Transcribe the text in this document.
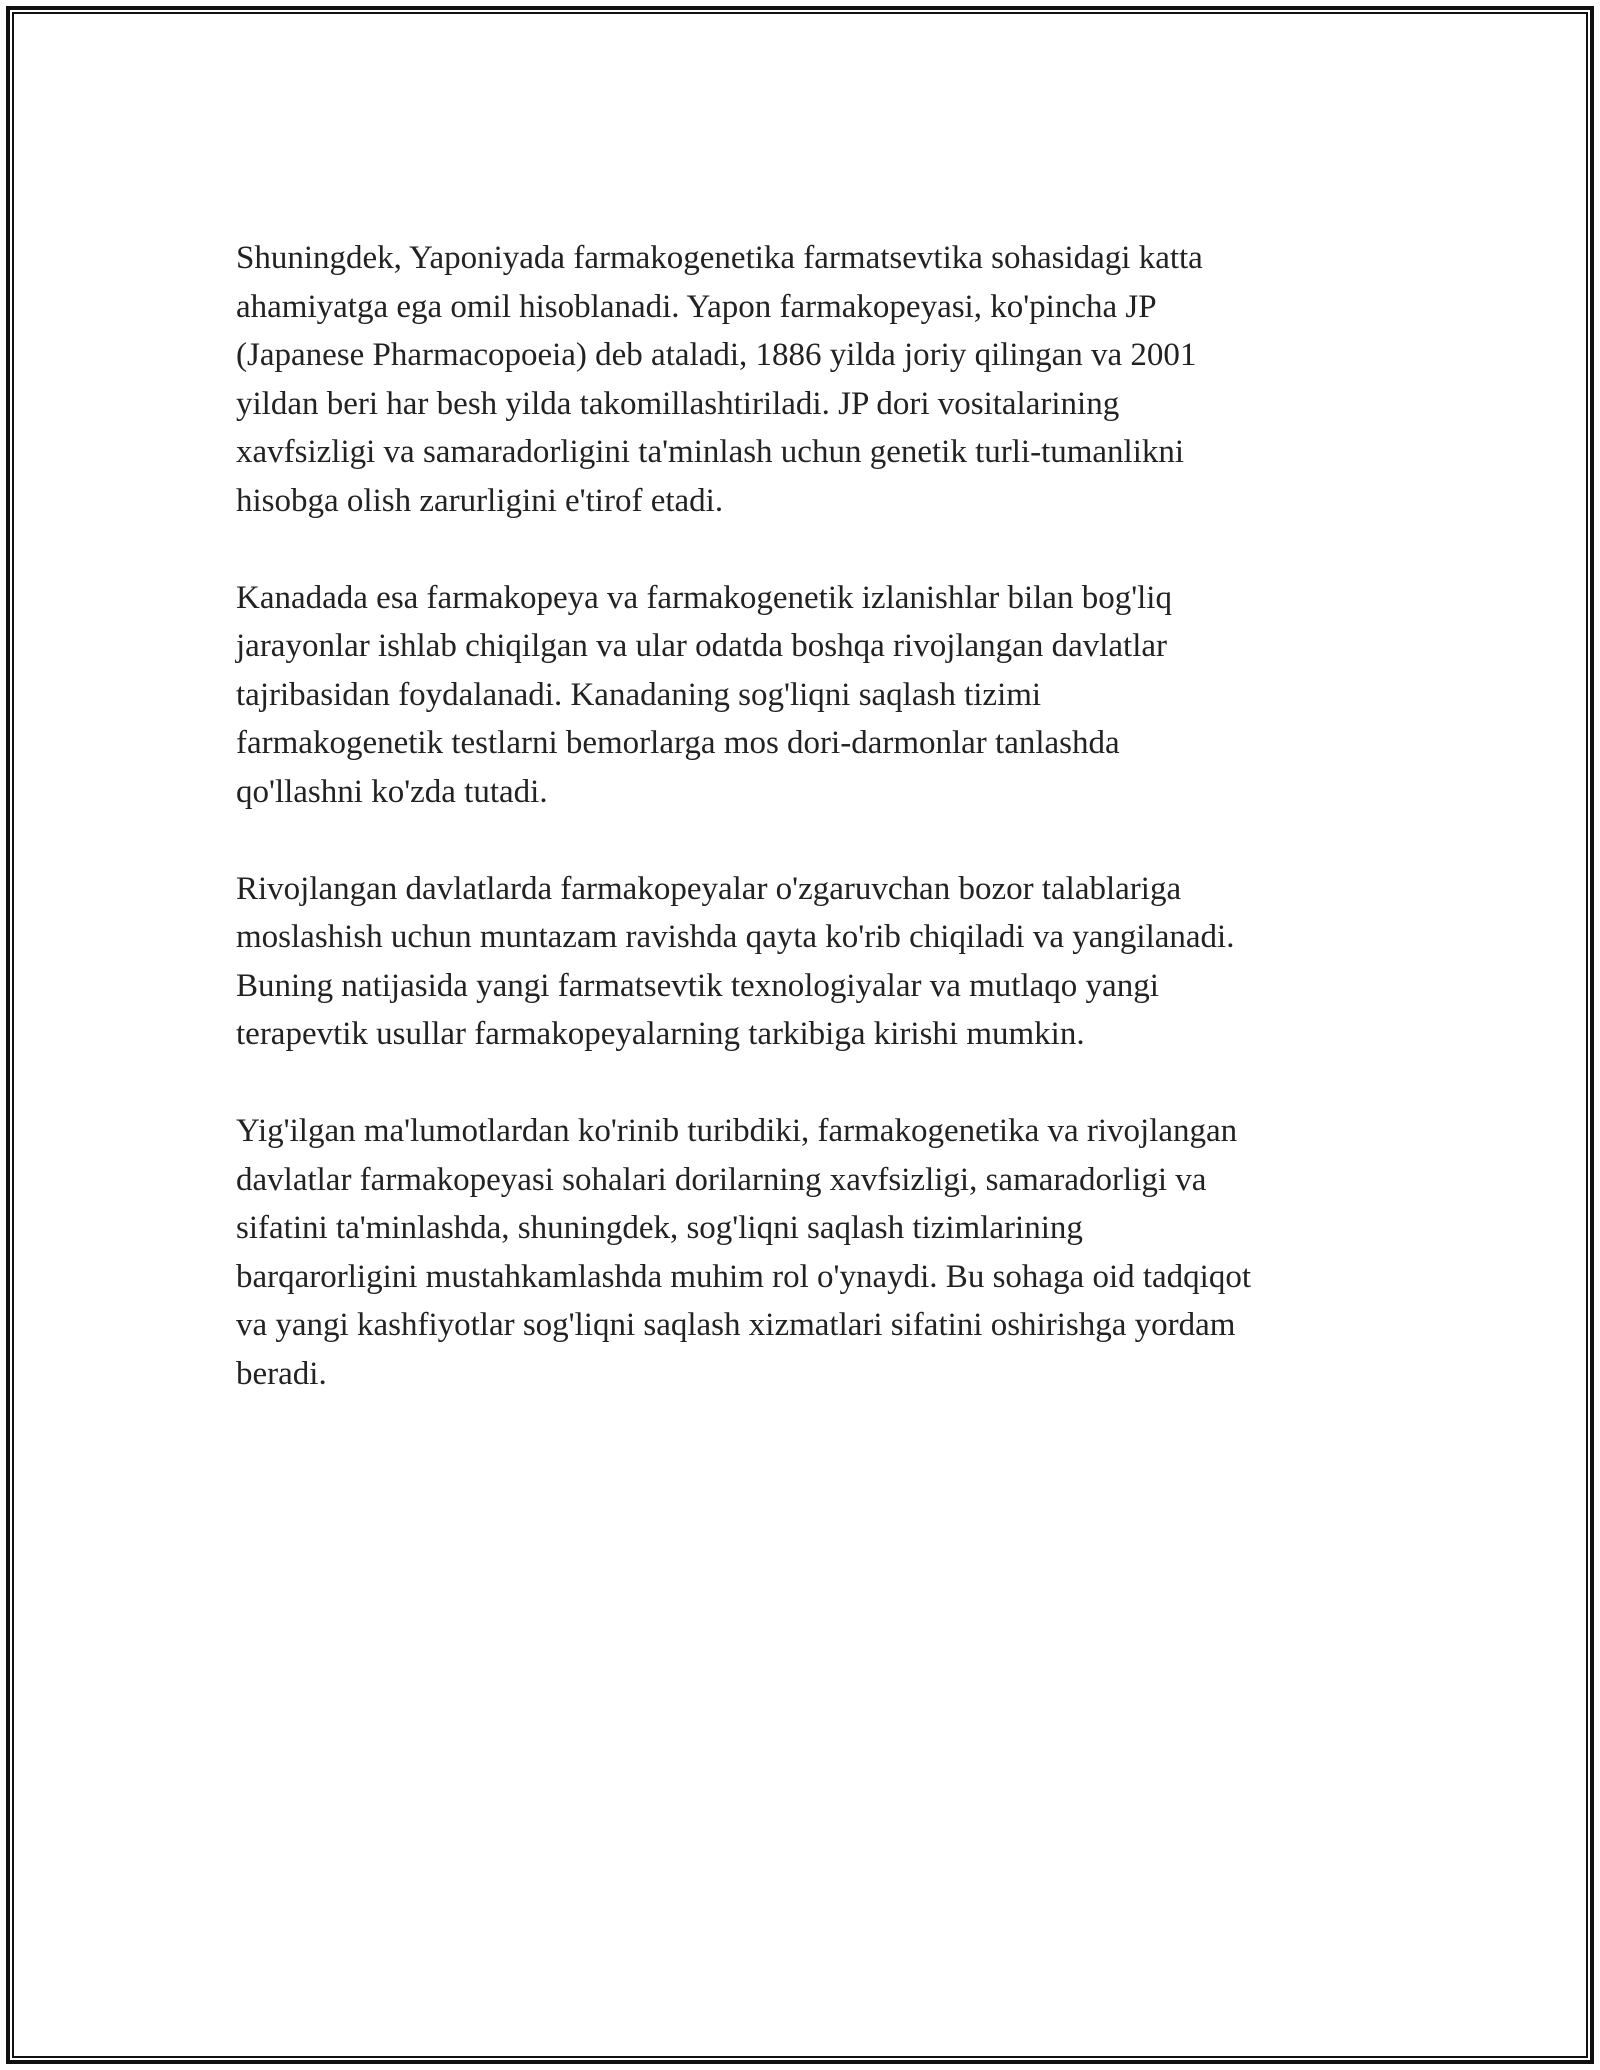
Shuningdek, Yaponiyada farmakogenetika farmatsevtika sohasidagi katta
ahamiyatga ega omil hisoblanadi. Yapon farmakopeyasi, ko'pincha JP
(Japanese Pharmacopoeia) deb ataladi, 1886 yilda joriy qilingan va 2001
yildan beri har besh yilda takomillashtiriladi. JP dori vositalarining
xavfsizligi va samaradorligini ta'minlash uchun genetik turli-tumanlikni
hisobga olish zarurligini e'tirof etadi.

Kanadada esa farmakopeya va farmakogenetik izlanishlar bilan bog'liq
jarayonlar ishlab chiqilgan va ular odatda boshqa rivojlangan davlatlar
tajribasidan foydalanadi. Kanadaning sog'liqni saqlash tizimi
farmakogenetik testlarni bemorlarga mos dori-darmonlar tanlashda
qo'llashni ko'zda tutadi.

Rivojlangan davlatlarda farmakopeyalar o'zgaruvchan bozor talablariga
moslashish uchun muntazam ravishda qayta ko'rib chiqiladi va yangilanadi.
Buning natijasida yangi farmatsevtik texnologiyalar va mutlaqo yangi
terapevtik usullar farmakopeyalarning tarkibiga kirishi mumkin.

Yig'ilgan ma'lumotlardan ko'rinib turibdiki, farmakogenetika va rivojlangan
davlatlar farmakopeyasi sohalari dorilarning xavfsizligi, samaradorligi va
sifatini ta'minlashda, shuningdek, sog'liqni saqlash tizimlarining
barqarorligini mustahkamlashda muhim rol o'ynaydi. Bu sohaga oid tadqiqot
va yangi kashfiyotlar sog'liqni saqlash xizmatlari sifatini oshirishga yordam
beradi.
